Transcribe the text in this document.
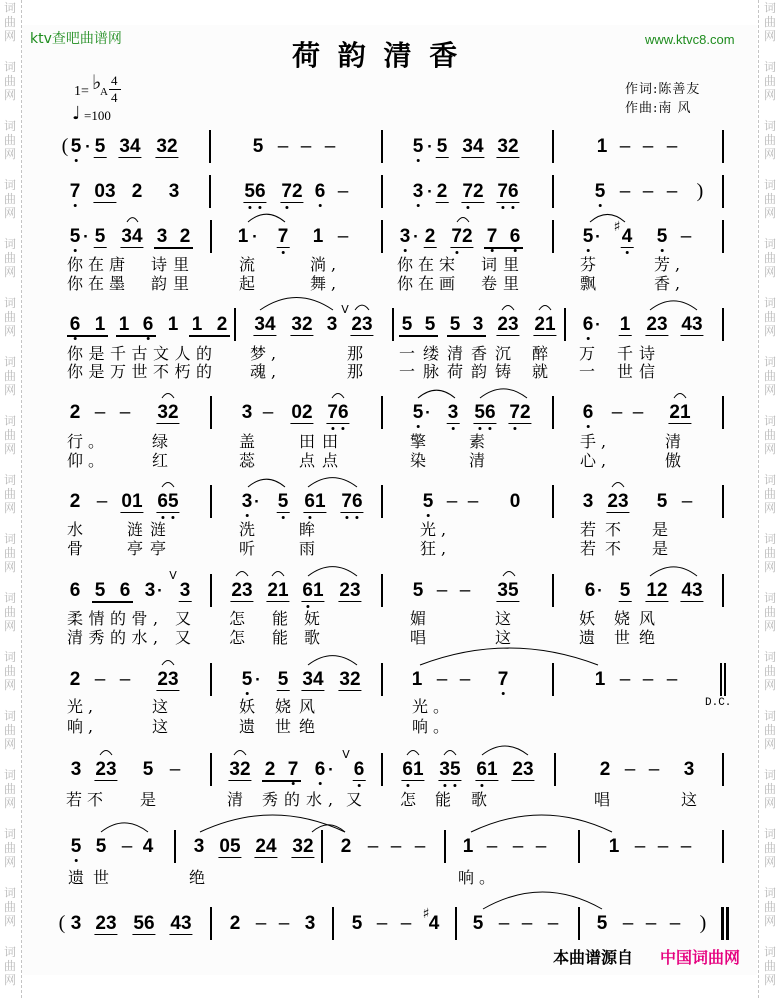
词
曲
网
词
曲
网
词
曲
网
词
曲
网
词
曲
网
词
曲
网
词
曲
网
词
曲
网
词
曲
网
词
曲
网
词
曲
网
词
曲
网
词
曲
网
词
曲
网
词
曲
网
词
曲
网
词
曲
网
词
曲
网
词
曲
网
词
曲
网
词
曲
网
词
曲
网
词
曲
网
词
曲
网
词
曲
网
词
曲
网
词
曲
网
词
曲
网
词
曲
网
词
曲
网
词
曲
网
词
曲
网
词
曲
网
词
曲
网
ktv查吧曲谱网	www.ktvc8.com
荷 韵 清 香
1= ♭
A
4
4
♩ =100
作词:陈善友
作曲:南 风
( 5 · 5 34 32	5 – – –	5 · 5 34 32	1 – – –
7 03 2 3	56 72 6 –	3 · 2 72 76	5 – – – )
5 · 5 34 3 2 1 · 7 1 –	3 · 2 72 7 6	5 · ♯ 4 5 –
6 1 1 6 1 1 2 34 32 3
V
23 5 5 5 3 23 21 6 · 1 23 43
2 – – 32	3 – 02 76	5 · 3 56 72	6 – – 21
2 – 01 65	3 · 5 61 76	5 – – 0	3 23 5 –
6 5 6 3 ·
V
3 23 21 61 23	5 – – 35	6 · 5 12 43
2 – – 23	5 · 5 34 32	1 – – 7	1 – – –
3 23 5 –	32 2 7 6 ·
V
6 61 35 61 23	2 – – 3
5 5 – 4 3 05 24 32 2 – – – 1 – – –	1 – – –
( 3 23 56 43 2 – – 3 5 – – ♯ 4 5 – – – 5 – – – )
D.C.
本曲谱源自 中国词曲网
你在唐 诗里	流	淌,	你在宋 词里	芬	芳,
你在墨 韵里	起	舞,	你在画 卷里	飘	香,
你是千古文人的 梦,	那 一缕清香沉 醉 万 千诗
你是万世不朽的 魂,	那 一脉荷韵铸 就 一 世信
行。	绿	盖 田田	擎 素	手,	清
仰。	红	蕊 点点	染 清	心,	傲
水 涟涟	洗 眸	光,	若不 是
骨 亭亭	听 雨	狂,	若不 是
柔情的骨, 又 怎 能 妩	媚	这	妖 娆风
清秀的水, 又 怎 能 歌	唱	这	遗 世绝
光,	这	妖 娆风	光。
响,	这	遗 世绝	响。
若不 是	清 秀的水, 又 怎 能 歌	唱	这
遗世	绝	响。
